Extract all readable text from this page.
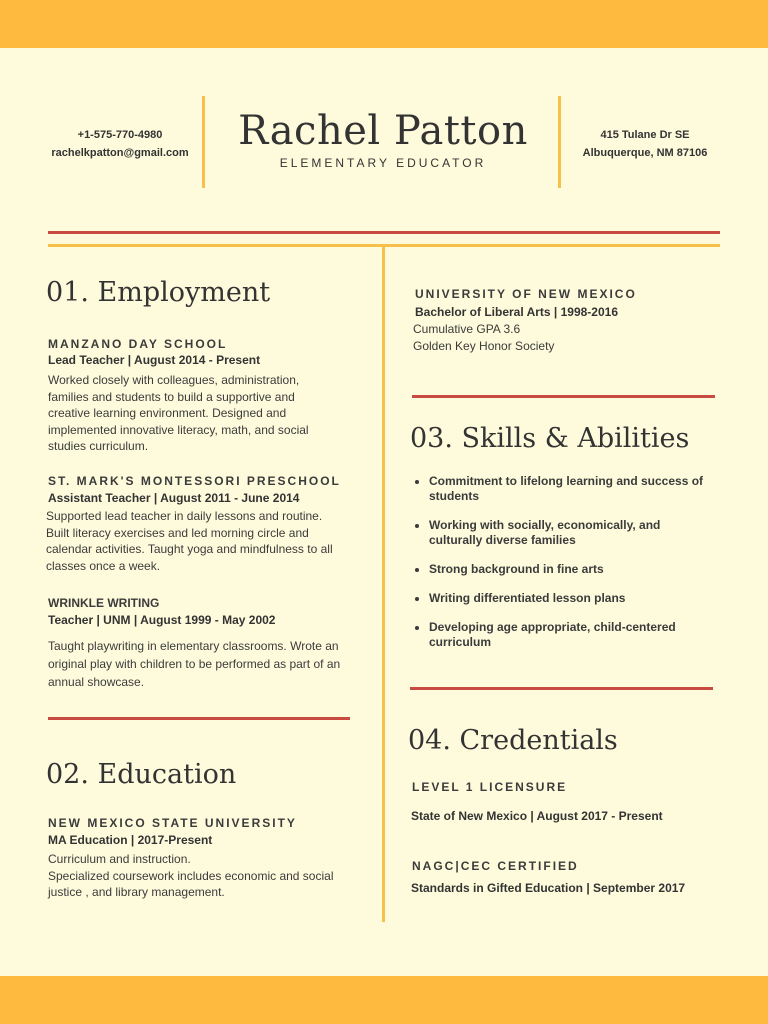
+1-575-770-4980
rachelkpatton@gmail.com	Rachel Patton
ELEMENTARY EDUCATOR
415 Tulane Dr SE
Albuquerque, NM 87106
01. Employment
MANZANO DAY SCHOOL
Lead Teacher | August 2014 - Present
Worked closely with colleagues, administration, families and students to build a supportive and creative learning environment. Designed and implemented innovative literacy, math, and social studies curriculum.
ST. MARK'S MONTESSORI PRESCHOOL
Assistant Teacher | August 2011 - June 2014
Supported lead teacher in daily lessons and routine. Built literacy exercises and led morning circle and calendar activities. Taught yoga and mindfulness to all classes once a week.
WRINKLE WRITING
Teacher | UNM | August 1999 - May 2002
Taught playwriting in elementary classrooms. Wrote an original play with children to be performed as part of an annual showcase.
02. Education
NEW MEXICO STATE UNIVERSITY
MA Education | 2017-Present
Curriculum and instruction.
Specialized coursework includes economic and social justice , and library management.
UNIVERSITY OF NEW MEXICO
Bachelor of Liberal Arts | 1998-2016
Cumulative GPA 3.6
Golden Key Honor Society
03. Skills & Abilities
Commitment to lifelong learning and success of students
Working with socially, economically, and culturally diverse families
Strong background in fine arts
Writing differentiated lesson plans
Developing age appropriate, child-centered curriculum
04. Credentials
LEVEL 1 LICENSURE
State of New Mexico | August 2017 - Present
NAGC|CEC CERTIFIED
Standards in Gifted Education | September 2017
